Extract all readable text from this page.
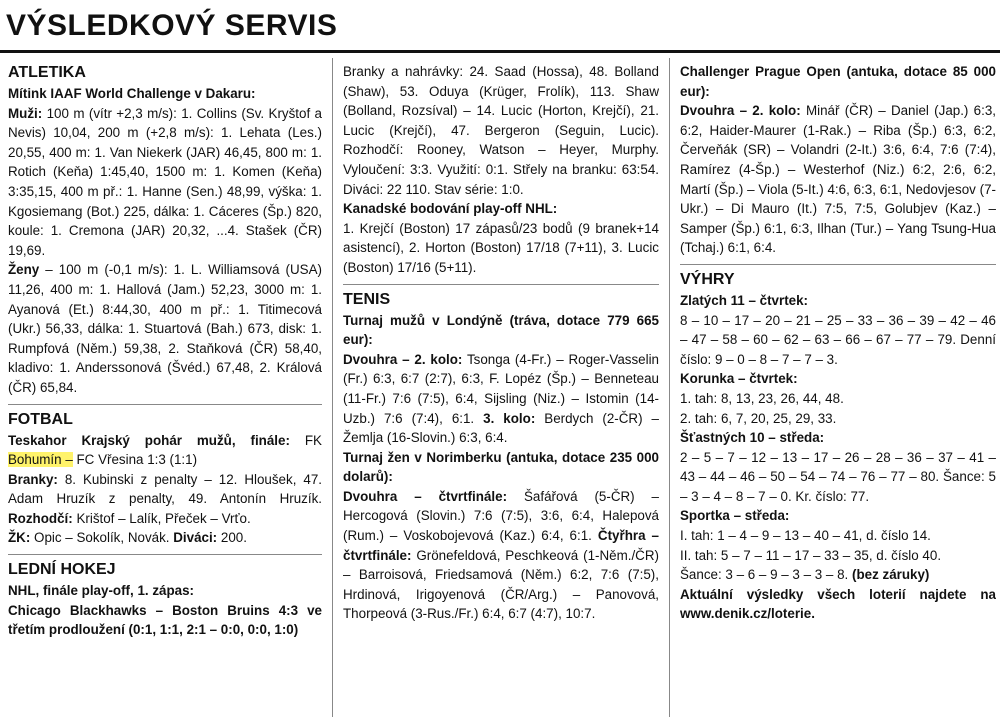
VÝSLEDKOVÝ SERVIS
ATLETIKA

Mítink IAAF World Challenge v Dakaru:

Muži: 100 m (vítr +2,3 m/s): 1. Collins (Sv. Kryštof a Nevis) 10,04, 200 m (+2,8 m/s): 1. Lehata (Les.) 20,55, 400 m: 1. Van Niekerk (JAR) 46,45, 800 m: 1. Rotich (Keňa) 1:45,40, 1500 m: 1. Komen (Keňa) 3:35,15, 400 m př.: 1. Hanne (Sen.) 48,99, výška: 1. Kgosiemang (Bot.) 225, dálka: 1. Cáceres (Šp.) 820, koule: 1. Cremona (JAR) 20,32, ...4. Stašek (ČR) 19,69.

Ženy – 100 m (-0,1 m/s): 1. L. Williamsová (USA) 11,26, 400 m: 1. Hallová (Jam.) 52,23, 3000 m: 1. Ayanová (Et.) 8:44,30, 400 m př.: 1. Titimecová (Ukr.) 56,33, dálka: 1. Stuartová (Bah.) 673, disk: 1. Rumpfová (Něm.) 59,38, 2. Staňková (ČR) 58,40, kladivo: 1. Anderssonová (Švéd.) 67,48, 2. Králová (ČR) 65,84.

FOTBAL

Teskahor Krajský pohár mužů, finále: FK Bohumín – FC Vřesina 1:3 (1:1)

Branky: 8. Kubinski z penalty – 12. Hloušek, 47. Adam Hruzík z penalty, 49. Antonín Hruzík. Rozhodčí: Krištof – Lalík, Přeček – Vrťo.

ŽK: Opic – Sokolík, Novák. Diváci: 200.

LEDNÍ HOKEJ

NHL, finále play-off, 1. zápas:

Chicago Blackhawks – Boston Bruins 4:3 ve třetím prodloužení (0:1, 1:1, 2:1 – 0:0, 0:0, 1:0)

Branky a nahrávky: 24. Saad (Hossa), 48. Bolland (Shaw), 53. Oduya (Krüger, Frolík), 113. Shaw (Bolland, Rozsíval) – 14. Lucic (Horton, Krejčí), 21. Lucic (Krejčí), 47. Bergeron (Seguin, Lucic). Rozhodčí: Rooney, Watson – Heyer, Murphy. Vyloučení: 3:3. Využití: 0:1. Střely na branku: 63:54. Diváci: 22 110. Stav série: 1:0.

Kanadské bodování play-off NHL:

1. Krejčí (Boston) 17 zápasů/23 bodů (9 branek+14 asistencí), 2. Horton (Boston) 17/18 (7+11), 3. Lucic (Boston) 17/16 (5+11).

TENIS

Turnaj mužů v Londýně (tráva, dotace 779 665 eur):

Dvouhra – 2. kolo: Tsonga (4-Fr.) – Roger-Vasselin (Fr.) 6:3, 6:7 (2:7), 6:3, F. Lopéz (Šp.) – Benneteau (11-Fr.) 7:6 (7:5), 6:4, Sijsling (Niz.) – Istomin (14-Uzb.) 7:6 (7:4), 6:1. 3. kolo: Berdych (2-ČR) – Žemlja (16-Slovin.) 6:3, 6:4.

Turnaj žen v Norimberku (antuka, dotace 235 000 dolarů):

Dvouhra – čtvrtfinále: Šafářová (5-ČR) – Hercogová (Slovin.) 7:6 (7:5), 3:6, 6:4, Halepová (Rum.) – Voskobojevová (Kaz.) 6:4, 6:1. Čtyřhra – čtvrtfinále: Grönefeldová, Peschkeová (1-Něm./ČR) – Barroisová, Friedsamová (Něm.) 6:2, 7:6 (7:5), Hrdinová, Irigoyenová (ČR/Arg.) – Panovová, Thorpeová (3-Rus./Fr.) 6:4, 6:7 (4:7), 10:7.

Challenger Prague Open (antuka, dotace 85 000 eur):

Dvouhra – 2. kolo: Minář (ČR) – Daniel (Jap.) 6:3, 6:2, Haider-Maurer (1-Rak.) – Riba (Šp.) 6:3, 6:2, Červeňák (SR) – Volandri (2-It.) 3:6, 6:4, 7:6 (7:4), Ramírez (4-Šp.) – Westerhof (Niz.) 6:2, 2:6, 6:2, Martí (Šp.) – Viola (5-It.) 4:6, 6:3, 6:1, Nedovjesov (7-Ukr.) – Di Mauro (It.) 7:5, 7:5, Golubjev (Kaz.) – Samper (Šp.) 6:1, 6:3, Ilhan (Tur.) – Yang Tsung-Hua (Tchaj.) 6:1, 6:4.

VÝHRY

Zlatých 11 – čtvrtek:

8 – 10 – 17 – 20 – 21 – 25 – 33 – 36 – 39 – 42 – 46 – 47 – 58 – 60 – 62 – 63 – 66 – 67 – 77 – 79. Denní číslo: 9 – 0 – 8 – 7 – 7 – 3.

Korunka – čtvrtek:

1. tah: 8, 13, 23, 26, 44, 48.

2. tah: 6, 7, 20, 25, 29, 33.

Šťastných 10 – středa:

2 – 5 – 7 – 12 – 13 – 17 – 26 – 28 – 36 – 37 – 41 – 43 – 44 – 46 – 50 – 54 – 74 – 76 – 77 – 80. Šance: 5 – 3 – 4 – 8 – 7 – 0. Kr. číslo: 77.

Sportka – středa:

I. tah: 1 – 4 – 9 – 13 – 40 – 41, d. číslo 14.

II. tah: 5 – 7 – 11 – 17 – 33 – 35, d. číslo 40.

Šance: 3 – 6 – 9 – 3 – 3 – 8. (bez záruky)

Aktuální výsledky všech loterií najdete na www.denik.cz/loterie.
